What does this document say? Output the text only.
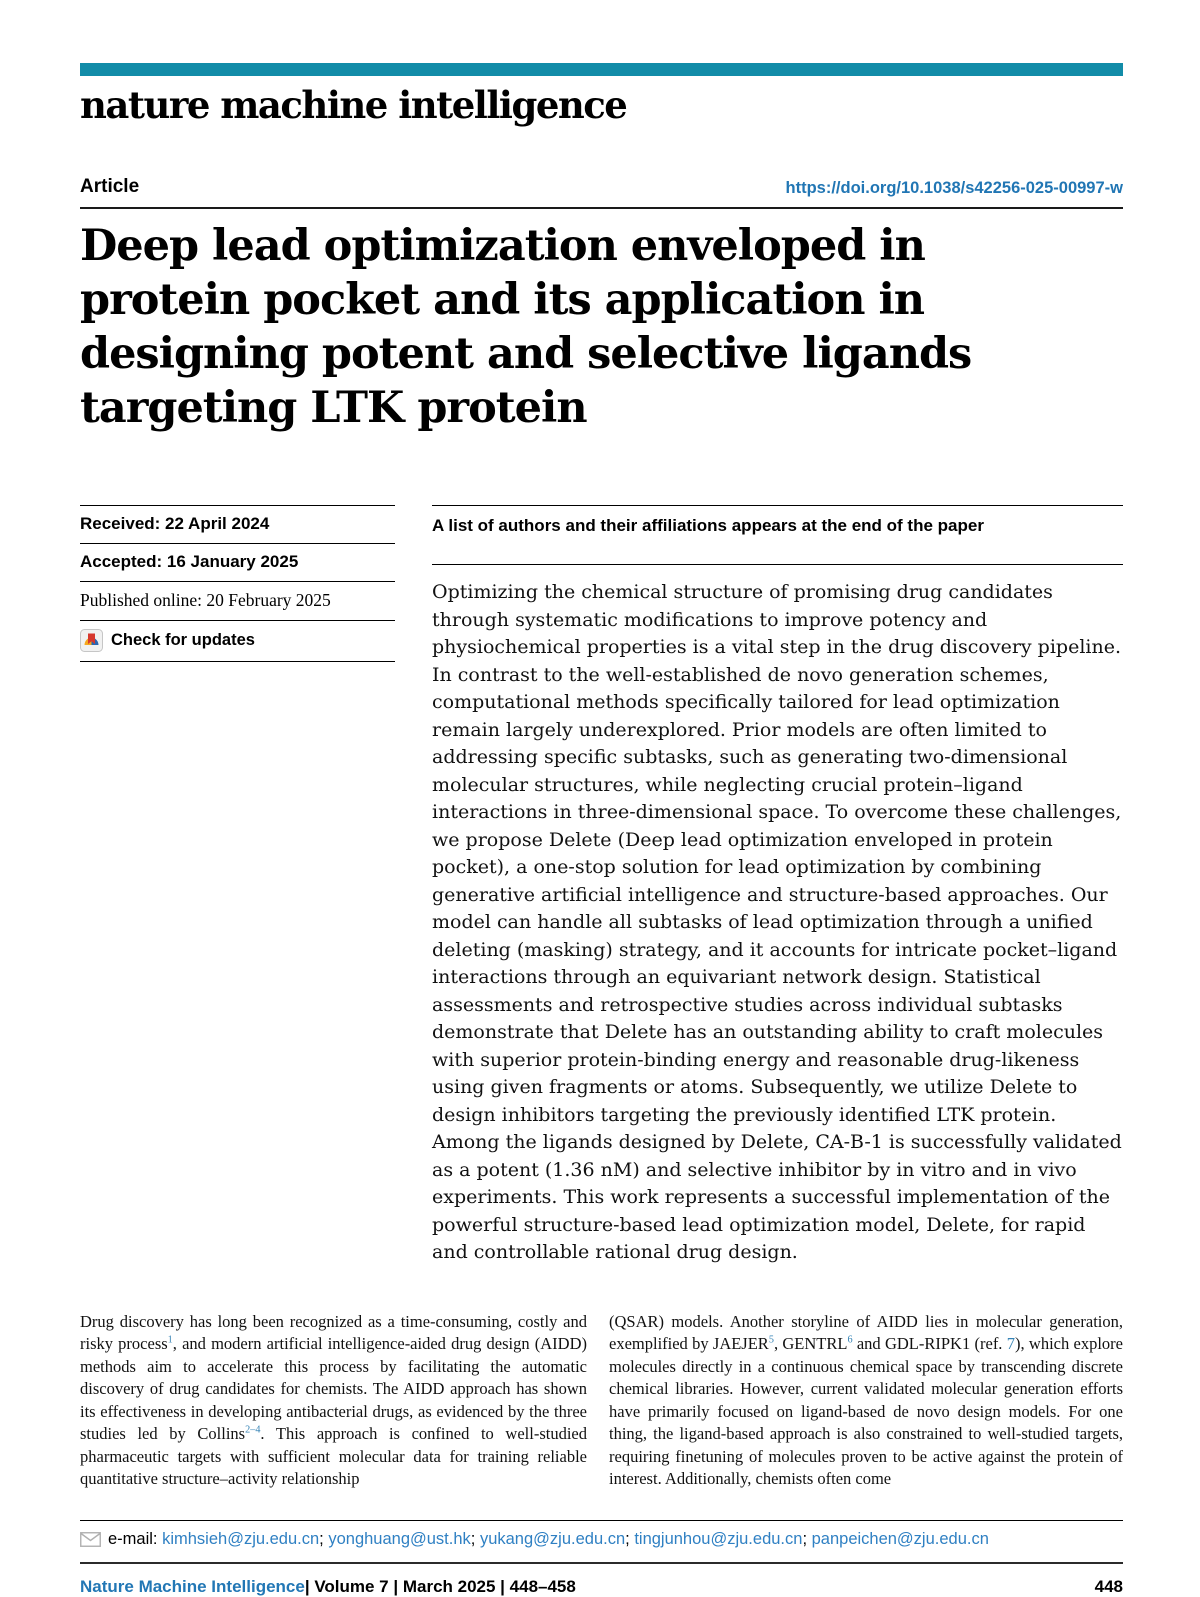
nature machine intelligence
Article	https://doi.org/10.1038/s42256-025-00997-w
Deep lead optimization enveloped in
protein pocket and its application in
designing potent and selective ligands
targeting LTK protein
Received: 22 April 2024
Accepted: 16 January 2025
Published online: 20 February 2025
Check for updates
A list of authors and their affiliations appears at the end of the paper

Optimizing the chemical structure of promising drug candidates through systematic modifications to improve potency and physiochemical properties is a vital step in the drug discovery pipeline. In contrast to the well-established de novo generation schemes, computational methods specifically tailored for lead optimization remain largely underexplored. Prior models are often limited to addressing specific subtasks, such as generating two-dimensional molecular structures, while neglecting crucial protein–ligand interactions in three-dimensional space. To overcome these challenges, we propose Delete (Deep lead optimization enveloped in protein pocket), a one-stop solution for lead optimization by combining generative artificial intelligence and structure-based approaches. Our model can handle all subtasks of lead optimization through a unified deleting (masking) strategy, and it accounts for intricate pocket–ligand interactions through an equivariant network design. Statistical assessments and retrospective studies across individual subtasks demonstrate that Delete has an outstanding ability to craft molecules with superior protein-binding energy and reasonable drug-likeness using given fragments or atoms. Subsequently, we utilize Delete to design inhibitors targeting the previously identified LTK protein. Among the ligands designed by Delete, CA-B-1 is successfully validated as a potent (1.36 nM) and selective inhibitor by in vitro and in vivo experiments. This work represents a successful implementation of the powerful structure-based lead optimization model, Delete, for rapid and controllable rational drug design.

Drug discovery has long been recognized as a time-consuming, costly and risky process$^1$, and modern artificial intelligence-aided drug design (AIDD) methods aim to accelerate this process by facilitating the automatic discovery of drug candidates for chemists. The AIDD approach has shown its effectiveness in developing antibacterial drugs, as evidenced by the three studies led by Collins$^{2-4}$. This approach is confined to well-studied pharmaceutic targets with sufficient molecular data for training reliable quantitative structure–activity relationship

(QSAR) models. Another storyline of AIDD lies in molecular generation, exemplified by JAEJER$^5$, GENTRL$^6$ and GDL-RIPK1 (ref. 7), which explore molecules directly in a continuous chemical space by transcending discrete chemical libraries. However, current validated molecular generation efforts have primarily focused on ligand-based de novo design models. For one thing, the ligand-based approach is also constrained to well-studied targets, requiring finetuning of molecules proven to be active against the protein of interest. Additionally, chemists often come

e-mail: kimhsieh@zju.edu.cn; yonghuang@ust.hk; yukang@zju.edu.cn; tingjunhou@zju.edu.cn; panpeichen@zju.edu.cn
Nature Machine Intelligence | Volume 7 | March 2025 | 448–458	448
